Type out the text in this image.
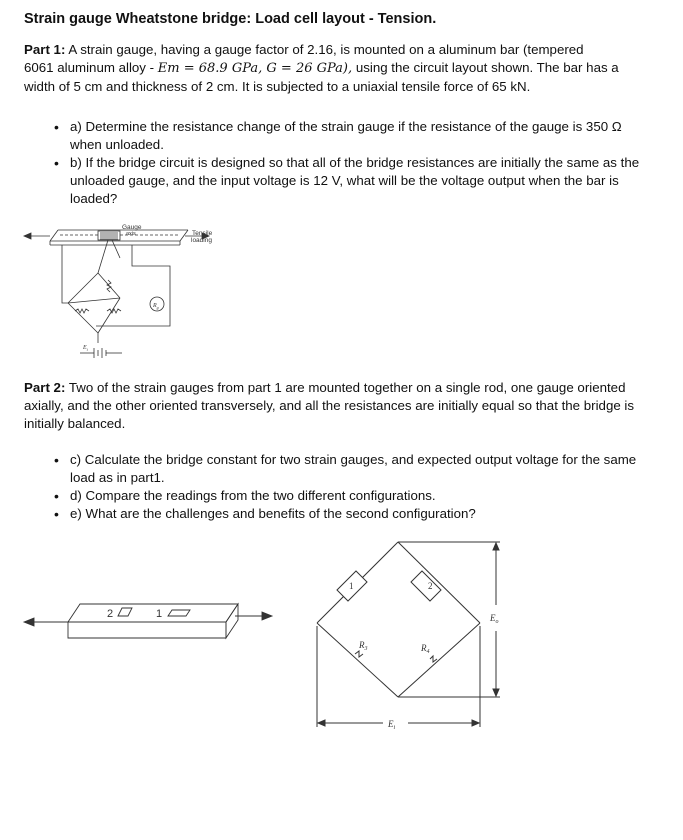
Strain gauge Wheatstone bridge: Load cell layout - Tension.
Part 1: A strain gauge, having a gauge factor of 2.16, is mounted on a aluminum bar (tempered
6061 aluminum alloy - Em = 68.9 GPa, G = 26 GPa), using the circuit layout shown. The bar has a
width of 5 cm and thickness of 2 cm. It is subjected to a uniaxial tensile force of 65 kN.
• a) Determine the resistance change of the strain gauge if the resistance of the gauge is 350 Ω when unloaded.
• b) If the bridge circuit is designed so that all of the bridge resistances are initially the same as the unloaded gauge, and the input voltage is 12 V, what will be the voltage output when the bar is loaded?
Gauge
axis	Tensile
loading
$R_g$
$E_i$
Part 2: Two of the strain gauges from part 1 are mounted together on a single rod, one gauge oriented axially, and the other oriented transversely, and all the resistances are initially equal so that the bridge is initially balanced.
• c) Calculate the bridge constant for two strain gauges, and expected output voltage for the same load as in part1.
• d) Compare the readings from the two different configurations.
• e) What are the challenges and benefits of the second configuration?
2	1
1	2
$R_3$	$R_4$
$E_o$
$E_i$
